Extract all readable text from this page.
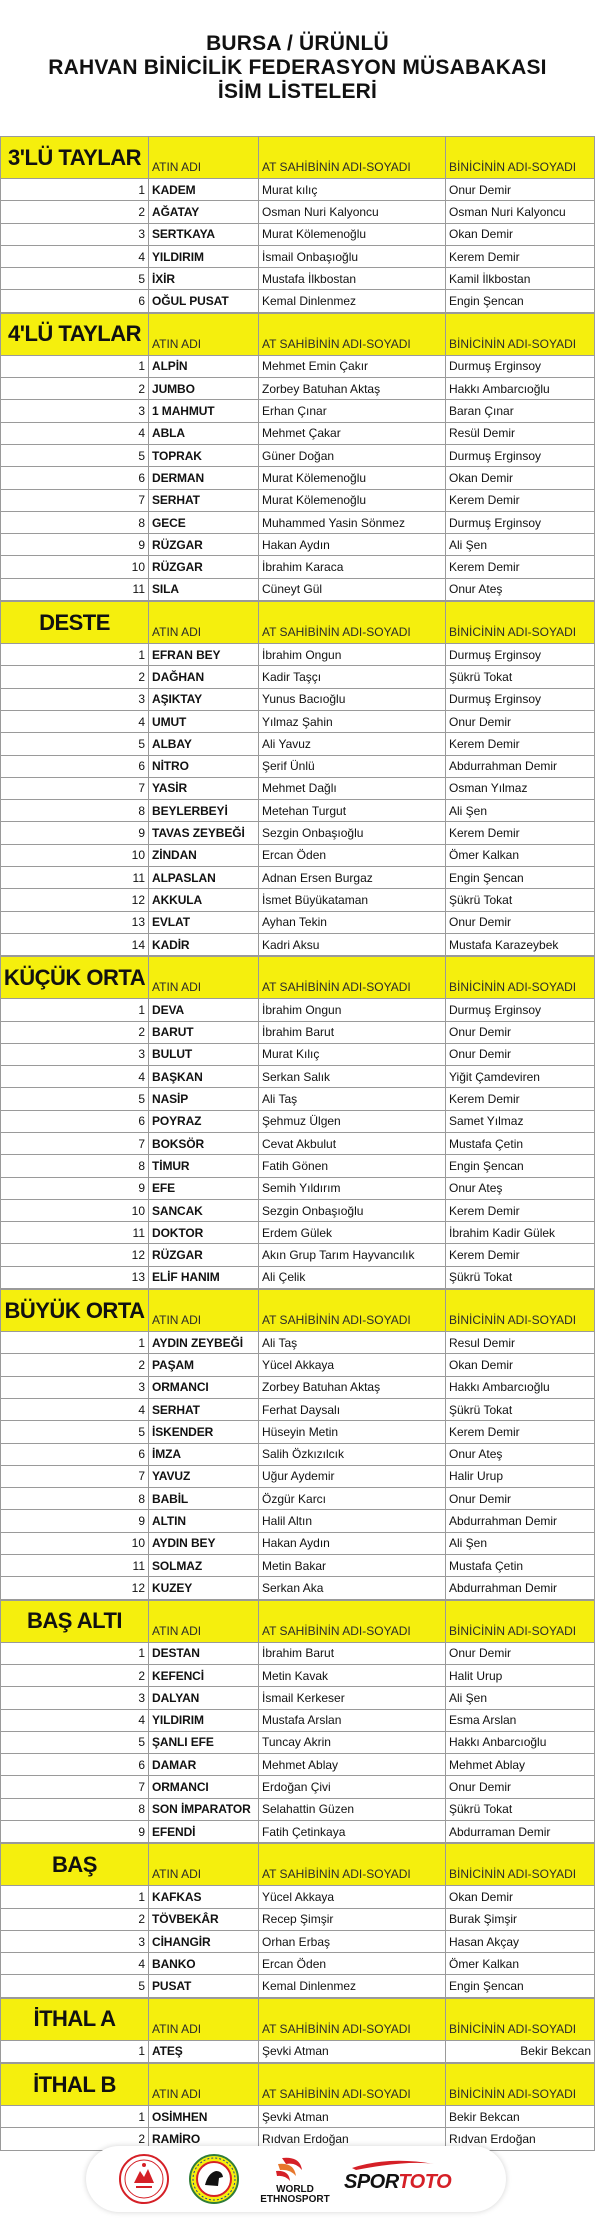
BURSA / ÜRÜNLÜ
RAHVAN BİNİCİLİK FEDERASYON MÜSABAKASI
İSİM LİSTELERİ
3'LÜ TAYLAR	ATIN ADI	AT SAHİBİNİN ADI-SOYADI	BİNİCİNİN ADI-SOYADI
1	KADEM	Murat kılıç	Onur Demir
2	AĞATAY	Osman Nuri Kalyoncu	Osman Nuri Kalyoncu
3	SERTKAYA	Murat Kölemenoğlu	Okan Demir
4	YILDIRIM	İsmail Onbaşıoğlu	Kerem Demir
5	İXİR	Mustafa İlkbostan	Kamil İlkbostan
6	OĞUL PUSAT	Kemal Dinlenmez	Engin Şencan
4'LÜ TAYLAR	ATIN ADI	AT SAHİBİNİN ADI-SOYADI	BİNİCİNİN ADI-SOYADI
1	ALPİN	Mehmet Emin Çakır	Durmuş Erginsoy
2	JUMBO	Zorbey Batuhan Aktaş	Hakkı Ambarcıoğlu
3	1 MAHMUT	Erhan Çınar	Baran Çınar
4	ABLA	Mehmet Çakar	Resül Demir
5	TOPRAK	Güner Doğan	Durmuş Erginsoy
6	DERMAN	Murat Kölemenoğlu	Okan Demir
7	SERHAT	Murat Kölemenoğlu	Kerem Demir
8	GECE	Muhammed Yasin Sönmez	Durmuş Erginsoy
9	RÜZGAR	Hakan Aydın	Ali Şen
10	RÜZGAR	İbrahim Karaca	Kerem Demir
11	SILA	Cüneyt Gül	Onur Ateş
DESTE	ATIN ADI	AT SAHİBİNİN ADI-SOYADI	BİNİCİNİN ADI-SOYADI
1	EFRAN BEY	İbrahim Ongun	Durmuş Erginsoy
2	DAĞHAN	Kadir Taşçı	Şükrü Tokat
3	AŞIKTAY	Yunus Bacıoğlu	Durmuş Erginsoy
4	UMUT	Yılmaz Şahin	Onur Demir
5	ALBAY	Ali Yavuz	Kerem Demir
6	NİTRO	Şerif Ünlü	Abdurrahman Demir
7	YASİR	Mehmet Dağlı	Osman Yılmaz
8	BEYLERBEYİ	Metehan Turgut	Ali Şen
9	TAVAS ZEYBEĞİ	Sezgin Onbaşıoğlu	Kerem Demir
10	ZİNDAN	Ercan Öden	Ömer Kalkan
11	ALPASLAN	Adnan Ersen Burgaz	Engin Şencan
12	AKKULA	İsmet Büyükataman	Şükrü Tokat
13	EVLAT	Ayhan Tekin	Onur Demir
14	KADİR	Kadri Aksu	Mustafa Karazeybek
KÜÇÜK ORTA	ATIN ADI	AT SAHİBİNİN ADI-SOYADI	BİNİCİNİN ADI-SOYADI
1	DEVA	İbrahim Ongun	Durmuş Erginsoy
2	BARUT	İbrahim Barut	Onur Demir
3	BULUT	Murat Kılıç	Onur Demir
4	BAŞKAN	Serkan Salık	Yiğit Çamdeviren
5	NASİP	Ali Taş	Kerem Demir
6	POYRAZ	Şehmuz Ülgen	Samet Yılmaz
7	BOKSÖR	Cevat Akbulut	Mustafa Çetin
8	TİMUR	Fatih Gönen	Engin Şencan
9	EFE	Semih Yıldırım	Onur Ateş
10	SANCAK	Sezgin Onbaşıoğlu	Kerem Demir
11	DOKTOR	Erdem Gülek	İbrahim Kadir Gülek
12	RÜZGAR	Akın Grup Tarım Hayvancılık	Kerem Demir
13	ELİF HANIM	Ali Çelik	Şükrü Tokat
BÜYÜK ORTA	ATIN ADI	AT SAHİBİNİN ADI-SOYADI	BİNİCİNİN ADI-SOYADI
1	AYDIN ZEYBEĞİ	Ali Taş	Resul Demir
2	PAŞAM	Yücel Akkaya	Okan Demir
3	ORMANCI	Zorbey Batuhan Aktaş	Hakkı Ambarcıoğlu
4	SERHAT	Ferhat Daysalı	Şükrü Tokat
5	İSKENDER	Hüseyin Metin	Kerem Demir
6	İMZA	Salih Özkızılcık	Onur Ateş
7	YAVUZ	Uğur Aydemir	Halir Urup
8	BABİL	Özgür Karcı	Onur Demir
9	ALTIN	Halil Altın	Abdurrahman Demir
10	AYDIN BEY	Hakan Aydın	Ali Şen
11	SOLMAZ	Metin Bakar	Mustafa Çetin
12	KUZEY	Serkan Aka	Abdurrahman Demir
BAŞ ALTI	ATIN ADI	AT SAHİBİNİN ADI-SOYADI	BİNİCİNİN ADI-SOYADI
1	DESTAN	İbrahim Barut	Onur Demir
2	KEFENCİ	Metin Kavak	Halit Urup
3	DALYAN	İsmail Kerkeser	Ali Şen
4	YILDIRIM	Mustafa Arslan	Esma Arslan
5	ŞANLI EFE	Tuncay Akrin	Hakkı Anbarcıoğlu
6	DAMAR	Mehmet Ablay	Mehmet Ablay
7	ORMANCI	Erdoğan Çivi	Onur Demir
8	SON İMPARATOR	Selahattin Güzen	Şükrü Tokat
9	EFENDİ	Fatih Çetinkaya	Abdurraman Demir
BAŞ	ATIN ADI	AT SAHİBİNİN ADI-SOYADI	BİNİCİNİN ADI-SOYADI
1	KAFKAS	Yücel Akkaya	Okan Demir
2	TÖVBEKÂR	Recep Şimşir	Burak Şimşir
3	CİHANGİR	Orhan Erbaş	Hasan Akçay
4	BANKO	Ercan Öden	Ömer Kalkan
5	PUSAT	Kemal Dinlenmez	Engin Şencan
İTHAL A	ATIN ADI	AT SAHİBİNİN ADI-SOYADI	BİNİCİNİN ADI-SOYADI
1	ATEŞ	Şevki Atman	Bekir Bekcan
İTHAL B	ATIN ADI	AT SAHİBİNİN ADI-SOYADI	BİNİCİNİN ADI-SOYADI
1	OSİMHEN	Şevki Atman	Bekir Bekcan
2	RAMİRO	Rıdvan Erdoğan	Rıdvan Erdoğan
WORLD
ETHNOSPORT
SPORTOTO
